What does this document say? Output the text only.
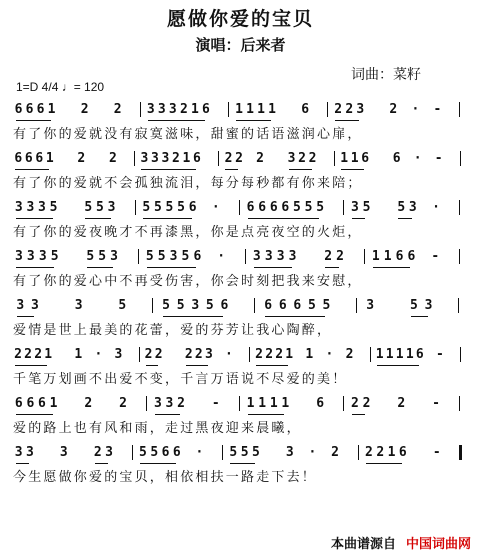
愿做你爱的宝贝
演唱：后来者
词曲：菜籽
1=D 4/4 ♩= 120
6 6 6 1 2 2 3 3 3 2 1 6 1 1 1 1 6 2 2 3 2 · -
有了你的爱就没有寂寞滋味，甜蜜的话语滋润心扉，
6 6 6 1 2 2 3 3 3 2 1 6 2 2 2 3 2 2 1 1 6 6 · -
有了你的爱就不会孤独流泪，每分每秒都有你来陪；
3 3 3 5 5 5 3 5 5 5 5 6 · 6 6 6 6 5 5 5 3 5 5 3 ·
有了你的爱夜晚才不再漆黑，你是点亮夜空的火炬，
3 3 3 5 5 5 3 5 5 3 5 6 · 3 3 3 3 2 2 1 1 6 6 -
有了你的爱心中不再受伤害，你会时刻把我来安慰，
3 3	3	5	5 5 3 5 6	6 6 6 5 5	3	5 3
爱情是世上最美的花蕾，爱的芬芳让我心陶醉，
2 2 2 1 1 · 3 2 2 2 2 3 · 2 2 2 1 1 · 2 1 1 1 1 6 -
千笔万划画不出爱不变，千言万语说不尽爱的美！
6 6 6 1 2 2 3 3 2 - 1 1 1 1 6 2 2 2 -
爱的路上也有风和雨，走过黑夜迎来晨曦，
3 3 3 2 3 5 5 6 6 · 5 5 5 3 · 2 2 2 1 6 -
今生愿做你爱的宝贝，相依相扶一路走下去！
本曲谱源自 中国词曲网
